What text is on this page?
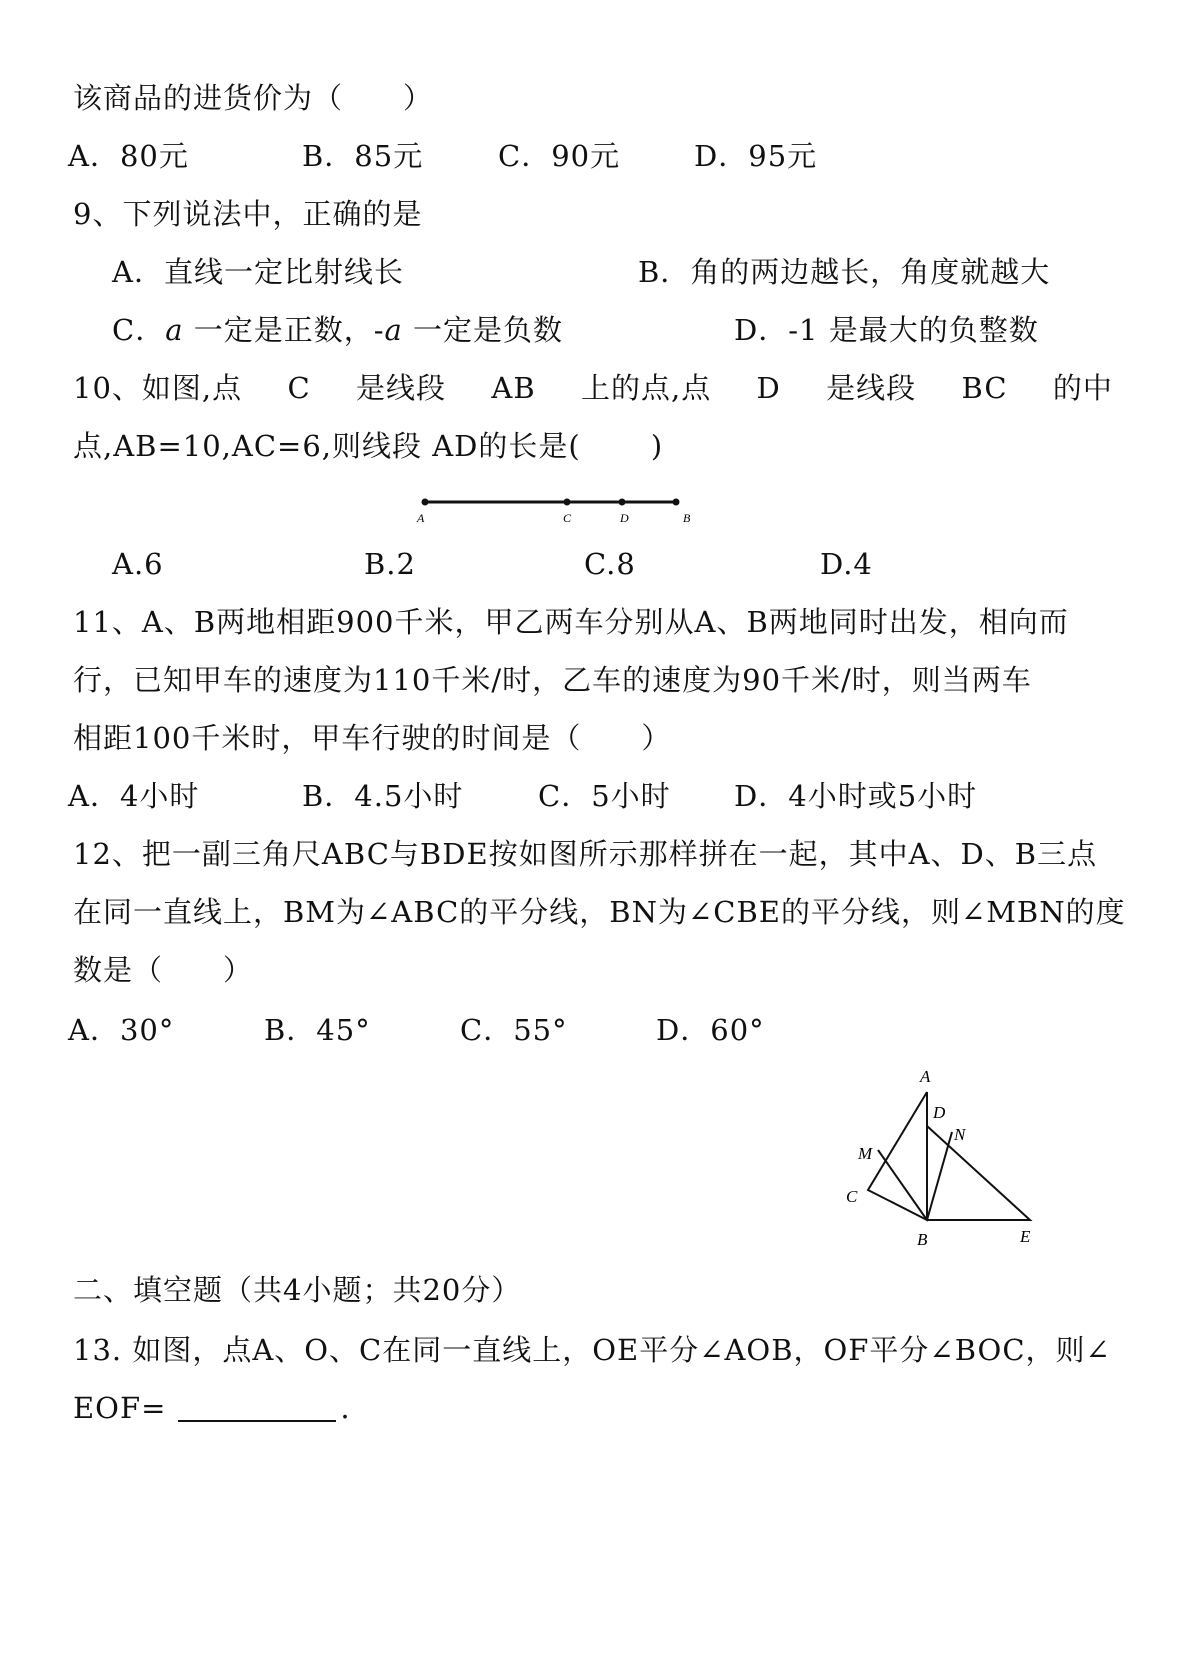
该商品的进货价为（　　）
A．80元	B．85元	C．90元	D．95元
9、下列说法中，正确的是
A．直线一定比射线长	B．角的两边越长，角度就越大
C．a 一定是正数，-a 一定是负数	D．-1 是最大的负整数
10、如图,点 C 是线段 AB 上的点,点 D 是线段 BC 的中
点,AB=10,AC=6,则线段 AD的长是(　　 )
A	C	D	B
A.6	B.2	C.8	D.4
11、A、B两地相距900千米，甲乙两车分别从A、B两地同时出发，相向而
行，已知甲车的速度为110千米/时，乙车的速度为90千米/时，则当两车
相距100千米时，甲车行驶的时间是（　　）
A．4小时	B．4.5小时	C．5小时 D．4小时或5小时
12、把一副三角尺ABC与BDE按如图所示那样拼在一起，其中A、D、B三点
在同一直线上，BM为∠ABC的平分线，BN为∠CBE的平分线，则∠MBN的度
数是（　　）
A．30°	B．45°	C．55°	D．60°
A
D
N
M
C
B	E
二、填空题（共4小题；共20分）
13. 如图，点A、O、C在同一直线上，OE平分∠AOB，OF平分∠BOC，则∠
EOF=	.
